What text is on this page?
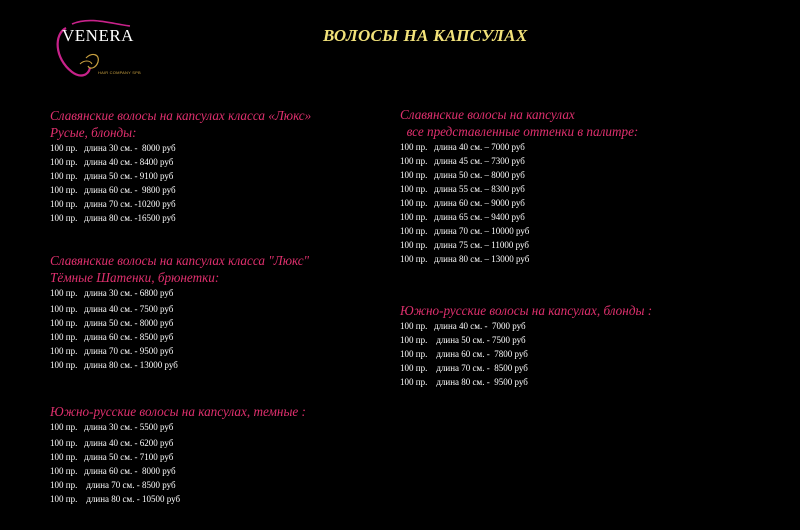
VENERA
HAIR COMPANY SPB
ВОЛОСЫ НА КАПСУЛАХ
Славянские волосы на капсулах класса «Люкс»
Русые, блонды:
100 пр.   длина 30 см. -  8000 руб
100 пр.   длина 40 см. - 8400 руб
100 пр.   длина 50 см. - 9100 руб
100 пр.   длина 60 см. -  9800 руб
100 пр.   длина 70 см. -10200 руб
100 пр.   длина 80 см. -16500 руб
Славянские волосы на капсулах класса "Люкс"
Тёмные Шатенки, брюнетки:
100 пр.   длина 30 см. - 6800 руб
100 пр.   длина 40 см. - 7500 руб
100 пр.   длина 50 см. - 8000 руб
100 пр.   длина 60 см. - 8500 руб
100 пр.   длина 70 см. - 9500 руб
100 пр.   длина 80 см. - 13000 руб
Южно-русские волосы на капсулах, темные :
100 пр.   длина 30 см. - 5500 руб
100 пр.   длина 40 см. - 6200 руб
100 пр.   длина 50 см. - 7100 руб
100 пр.   длина 60 см. -  8000 руб
100 пр.    длина 70 см. - 8500 руб
100 пр.    длина 80 см. - 10500 руб
Славянские волосы на капсулах
все представленные оттенки в палитре:
100 пр.   длина 40 см. – 7000 руб
100 пр.   длина 45 см. – 7300 руб
100 пр.   длина 50 см. – 8000 руб
100 пр.   длина 55 см. – 8300 руб
100 пр.   длина 60 см. – 9000 руб
100 пр.   длина 65 см. – 9400 руб
100 пр.   длина 70 см. – 10000 руб
100 пр.   длина 75 см. – 11000 руб
100 пр.   длина 80 см. – 13000 руб
Южно-русские волосы на капсулах, блонды :
100 пр.   длина 40 см. -  7000 руб
100 пр.    длина 50 см. - 7500 руб
100 пр.    длина 60 см. -  7800 руб
100 пр.    длина 70 см. -  8500 руб
100 пр.    длина 80 см. -  9500 руб
